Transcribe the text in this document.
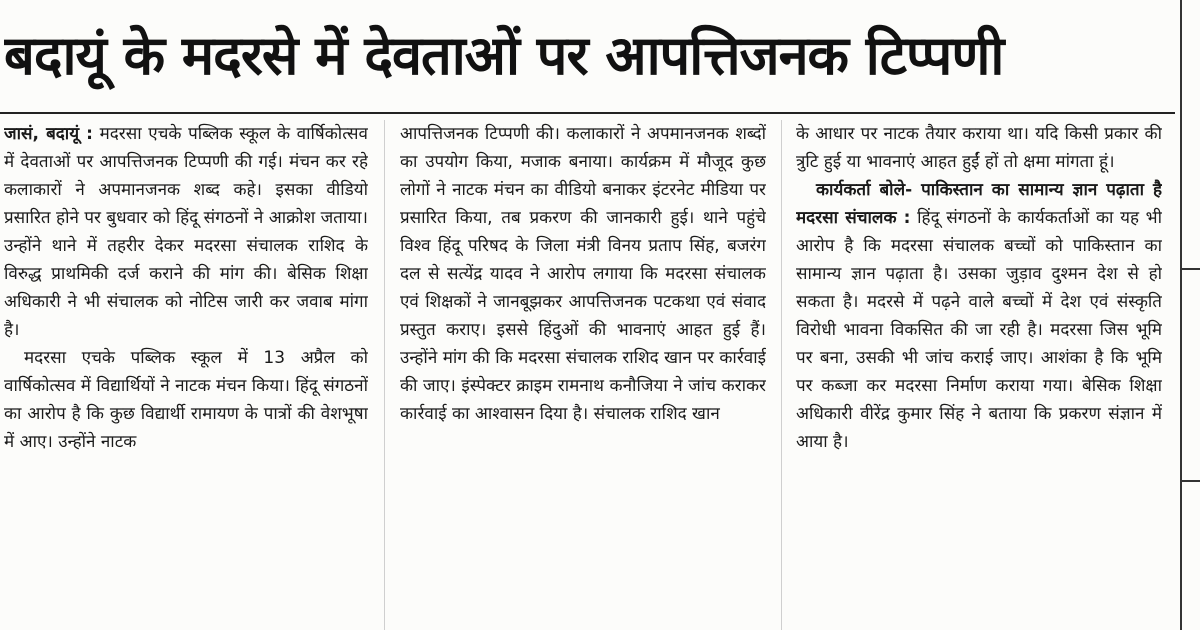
बदायूं के मदरसे में देवताओं पर आपत्तिजनक टिप्पणी

जासं, बदायूं : मदरसा एचके पब्लिक स्कूल के वार्षिकोत्सव में देवताओं पर आपत्तिजनक टिप्पणी की गई। मंचन कर रहे कलाकारों ने अपमानजनक शब्द कहे। इसका वीडियो प्रसारित होने पर बुधवार को हिंदू संगठनों ने आक्रोश जताया। उन्होंने थाने में तहरीर देकर मदरसा संचालक राशिद के विरुद्ध प्राथमिकी दर्ज कराने की मांग की। बेसिक शिक्षा अधिकारी ने भी संचालक को नोटिस जारी कर जवाब मांगा है।

मदरसा एचके पब्लिक स्कूल में 13 अप्रैल को वार्षिकोत्सव में विद्यार्थियों ने नाटक मंचन किया। हिंदू संगठनों का आरोप है कि कुछ विद्यार्थी रामायण के पात्रों की वेशभूषा में आए। उन्होंने नाटक

आपत्तिजनक टिप्पणी की। कलाकारों ने अपमानजनक शब्दों का उपयोग किया, मजाक बनाया। कार्यक्रम में मौजूद कुछ लोगों ने नाटक मंचन का वीडियो बनाकर इंटरनेट मीडिया पर प्रसारित किया, तब प्रकरण की जानकारी हुई। थाने पहुंचे विश्व हिंदू परिषद के जिला मंत्री विनय प्रताप सिंह, बजरंग दल से सत्येंद्र यादव ने आरोप लगाया कि मदरसा संचालक एवं शिक्षकों ने जानबूझकर आपत्तिजनक पटकथा एवं संवाद प्रस्तुत कराए। इससे हिंदुओं की भावनाएं आहत हुई हैं। उन्होंने मांग की कि मदरसा संचालक राशिद खान पर कार्रवाई की जाए। इंस्पेक्टर क्राइम रामनाथ कनौजिया ने जांच कराकर कार्रवाई का आश्वासन दिया है। संचालक राशिद खान

के आधार पर नाटक तैयार कराया था। यदि किसी प्रकार की त्रुटि हुई या भावनाएं आहत हुईं हों तो क्षमा मांगता हूं।

कार्यकर्ता बोले- पाकिस्तान का सामान्य ज्ञान पढ़ाता है मदरसा संचालक : हिंदू संगठनों के कार्यकर्ताओं का यह भी आरोप है कि मदरसा संचालक बच्चों को पाकिस्तान का सामान्य ज्ञान पढ़ाता है। उसका जुड़ाव दुश्मन देश से हो सकता है। मदरसे में पढ़ने वाले बच्चों में देश एवं संस्कृति विरोधी भावना विकसित की जा रही है। मदरसा जिस भूमि पर बना, उसकी भी जांच कराई जाए। आशंका है कि भूमि पर कब्जा कर मदरसा निर्माण कराया गया। बेसिक शिक्षा अधिकारी वीरेंद्र कुमार सिंह ने बताया कि प्रकरण संज्ञान में आया है।
